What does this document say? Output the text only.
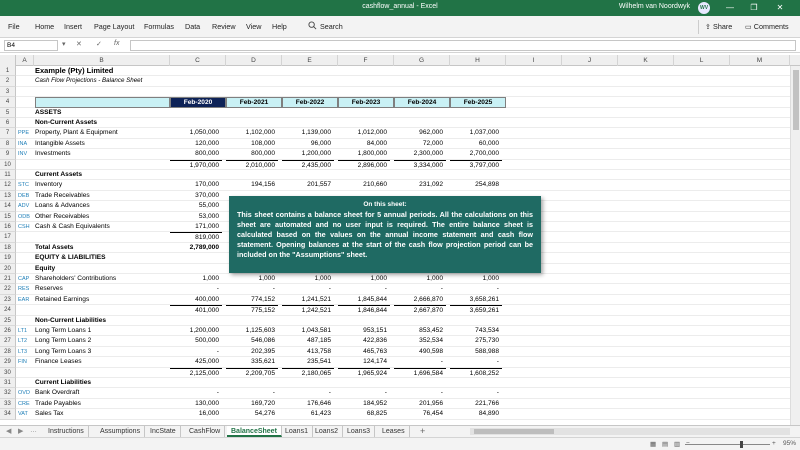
cashflow_annual - Excel	Wilhelm van Noordwyk	WV	—	❐	✕
File Home Insert Page Layout Formulas Data Review View Help	Search	⇪ Share ▭ Comments
B4	▾ ✕ ✓ fx
A	B	C	D	E	F	G	H	I	J	K	L	M
1	Example (Pty) Limited
2	Cash Flow Projections - Balance Sheet
3
4	Feb-2020	Feb-2021	Feb-2022	Feb-2023	Feb-2024	Feb-2025
5	ASSETS
6	Non-Current Assets
7	PPE Property, Plant & Equipment	1,050,000	1,102,000	1,139,000	1,012,000	962,000	1,037,000
8	INA	Intangible Assets	120,000	108,000	96,000	84,000	72,000	60,000
9	INV	Investments	800,000	800,000	1,200,000	1,800,000	2,300,000	2,700,000
10	1,970,000	2,010,000	2,435,000	2,896,000	3,334,000	3,797,000
11	Current Assets
12	STC Inventory	170,000	194,156	201,557	210,660	231,092	254,898
13	DEB Trade Receivables	370,000
14	ADV Loans & Advances	55,000
15	ODB Other Receivables	53,000
16	CSH Cash & Cash Equivalents	171,000
17	819,000
18	Total Assets	2,789,000
19	EQUITY & LIABILITIES
20	Equity
21	CAP Shareholders' Contributions	1,000	1,000	1,000	1,000	1,000	1,000
22	RES Reserves	-	-	-	-	-	-
23	EAR Retained Earnings	400,000	774,152	1,241,521	1,845,844	2,666,870	3,658,261
24	401,000	775,152	1,242,521	1,846,844	2,667,870	3,659,261
25	Non-Current Liabilities
26	LT1	Long Term Loans 1	1,200,000	1,125,603	1,043,581	953,151	853,452	743,534
27	LT2	Long Term Loans 2	500,000	546,086	487,185	422,836	352,534	275,730
28	LT3	Long Term Loans 3	-	202,395	413,758	465,763	490,598	588,988
29	FIN	Finance Leases	425,000	335,621	235,541	124,174	-	-
30	2,125,000	2,209,705	2,180,065	1,965,924	1,696,584	1,608,252
31	Current Liabilities
32	OVD Bank Overdraft	-	-	-	-	-	-
33	CRE Trade Payables	130,000	169,720	176,646	184,952	201,956	221,766
34	VAT	Sales Tax	16,000	54,276	61,423	68,825	76,454	84,890
On this sheet:
This sheet contains a balance sheet for 5 annual periods. All the calculations on this sheet are automated and no user input is required. The entire balance sheet is calculated based on the values on the annual income statement and cash flow statement. Opening balances at the start of the cash flow projection period can be included on the "Assumptions" sheet.
◀ ▶ …	Instructions	Assumptions	IncState	CashFlow	BalanceSheet	Loans1	Loans2	Loans3	Leases	+
▦ ▤ ▥	+ 95%
